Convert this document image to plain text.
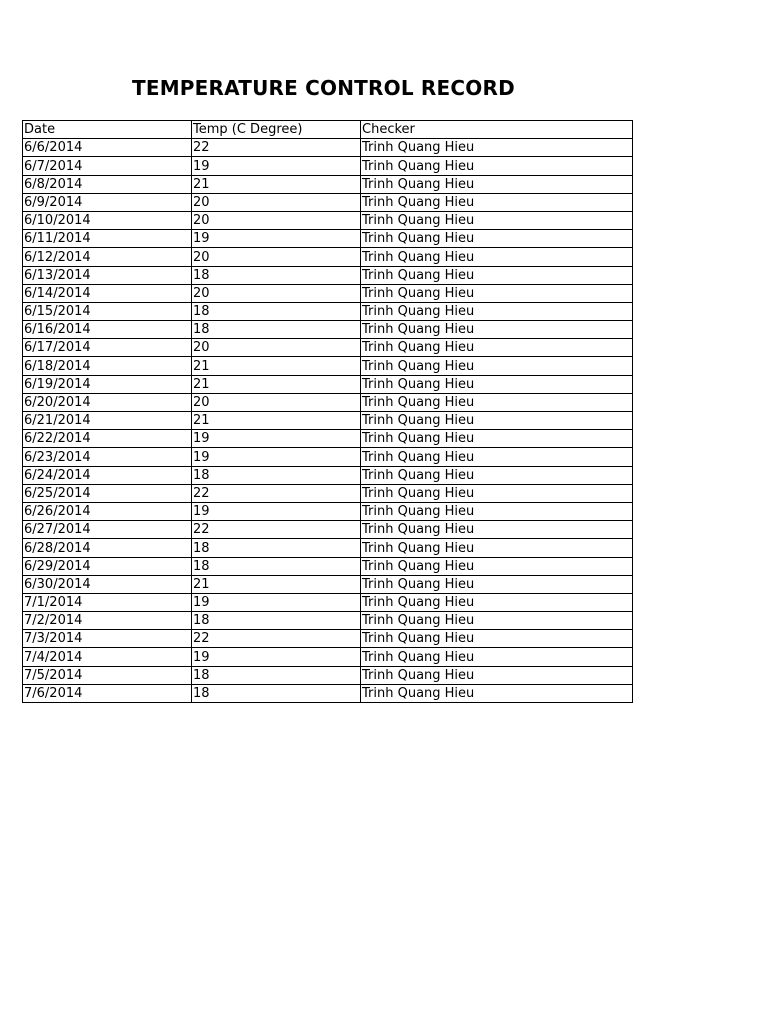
TEMPERATURE CONTROL RECORD
Date	Temp (C Degree)	Checker
6/6/2014	22	Trinh Quang Hieu
6/7/2014	19	Trinh Quang Hieu
6/8/2014	21	Trinh Quang Hieu
6/9/2014	20	Trinh Quang Hieu
6/10/2014	20	Trinh Quang Hieu
6/11/2014	19	Trinh Quang Hieu
6/12/2014	20	Trinh Quang Hieu
6/13/2014	18	Trinh Quang Hieu
6/14/2014	20	Trinh Quang Hieu
6/15/2014	18	Trinh Quang Hieu
6/16/2014	18	Trinh Quang Hieu
6/17/2014	20	Trinh Quang Hieu
6/18/2014	21	Trinh Quang Hieu
6/19/2014	21	Trinh Quang Hieu
6/20/2014	20	Trinh Quang Hieu
6/21/2014	21	Trinh Quang Hieu
6/22/2014	19	Trinh Quang Hieu
6/23/2014	19	Trinh Quang Hieu
6/24/2014	18	Trinh Quang Hieu
6/25/2014	22	Trinh Quang Hieu
6/26/2014	19	Trinh Quang Hieu
6/27/2014	22	Trinh Quang Hieu
6/28/2014	18	Trinh Quang Hieu
6/29/2014	18	Trinh Quang Hieu
6/30/2014	21	Trinh Quang Hieu
7/1/2014	19	Trinh Quang Hieu
7/2/2014	18	Trinh Quang Hieu
7/3/2014	22	Trinh Quang Hieu
7/4/2014	19	Trinh Quang Hieu
7/5/2014	18	Trinh Quang Hieu
7/6/2014	18	Trinh Quang Hieu
